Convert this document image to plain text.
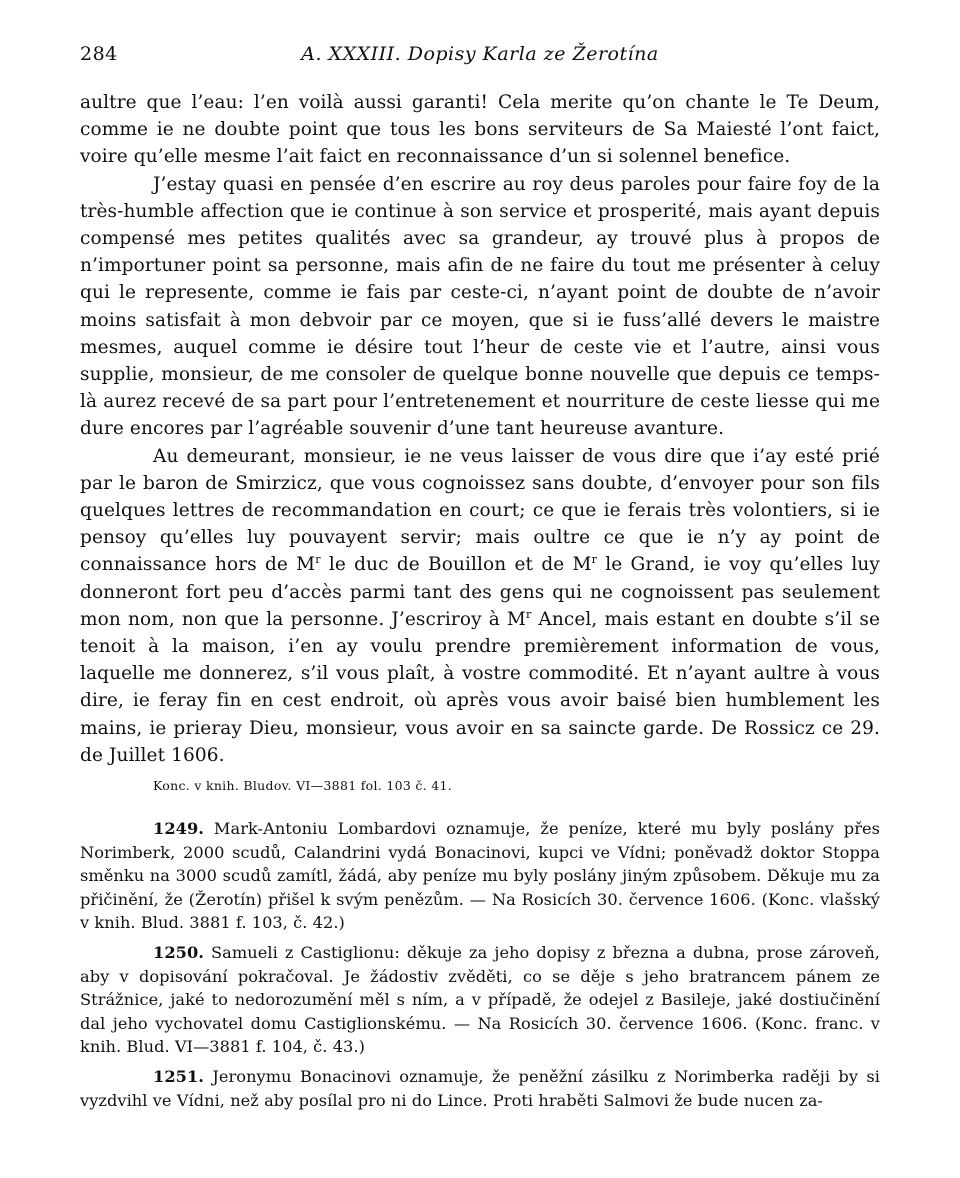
284	A. XXXIII. Dopisy Karla ze Žerotína

aultre que l’eau: l’en voilà aussi garanti! Cela merite qu’on chante le Te Deum, comme ie ne doubte point que tous les bons serviteurs de Sa Maiesté l’ont faict, voire qu’elle mesme l’ait faict en reconnaissance d’un si solennel benefice.

J’estay quasi en pensée d’en escrire au roy deus paroles pour faire foy de la très-humble affection que ie continue à son service et prosperité, mais ayant depuis compensé mes petites qualités avec sa grandeur, ay trouvé plus à propos de n’importuner point sa personne, mais afin de ne faire du tout me présenter à celuy qui le represente, comme ie fais par ceste-ci, n’ayant point de doubte de n’avoir moins satisfait à mon debvoir par ce moyen, que si ie fuss’allé devers le maistre mesmes, auquel comme ie désire tout l’heur de ceste vie et l’autre, ainsi vous supplie, monsieur, de me consoler de quelque bonne nouvelle que depuis ce temps-là aurez recevé de sa part pour l’entretenement et nourriture de ceste liesse qui me dure encores par l’agréable souvenir d’une tant heureuse avanture.

Au demeurant, monsieur, ie ne veus laisser de vous dire que i’ay esté prié par le baron de Smirzicz, que vous cognoissez sans doubte, d’envoyer pour son fils quelques lettres de recommandation en court; ce que ie ferais très volontiers, si ie pensoy qu’elles luy pouvayent servir; mais oultre ce que ie n’y ay point de connaissance hors de $M^r$ le duc de Bouillon et de $M^r$ le Grand, ie voy qu’elles luy donneront fort peu d’accès parmi tant des gens qui ne cognoissent pas seulement mon nom, non que la personne. J’escriroy à $M^r$ Ancel, mais estant en doubte s’il se tenoit à la maison, i’en ay voulu prendre premièrement information de vous, laquelle me donnerez, s’il vous plaît, à vostre commodité. Et n’ayant aultre à vous dire, ie feray fin en cest endroit, où après vous avoir baisé bien humblement les mains, ie prieray Dieu, monsieur, vous avoir en sa saincte garde. De Rossicz ce 29. de Juillet 1606.

Konc. v knih. Bludov. VI—3881 fol. 103 č. 41.

1249. Mark-Antoniu Lombardovi oznamuje, že peníze, které mu byly poslány přes Norimberk, 2000 scudů, Calandrini vydá Bonacinovi, kupci ve Vídni; poněvadž doktor Stoppa směnku na 3000 scudů zamítl, žádá, aby peníze mu byly poslány jiným způsobem. Děkuje mu za přičinění, že (Žerotín) přišel k svým penězům. — Na Rosicích 30. července 1606. (Konc. vlašský v knih. Blud. 3881 f. 103, č. 42.)

1250. Samueli z Castiglionu: děkuje za jeho dopisy z března a dubna, prose zároveň, aby v dopisování pokračoval. Je žádostiv zvěděti, co se děje s jeho bratrancem pánem ze Strážnice, jaké to nedorozumění měl s ním, a v případě, že odejel z Basileje, jaké dostiučinění dal jeho vychovatel domu Castiglionskému. — Na Rosicích 30. července 1606. (Konc. franc. v knih. Blud. VI—3881 f. 104, č. 43.)

1251. Jeronymu Bonacinovi oznamuje, že peněžní zásilku z Norimberka raději by si vyzdvihl ve Vídni, než aby posílal pro ni do Lince. Proti hraběti Salmovi že bude nucen za-
